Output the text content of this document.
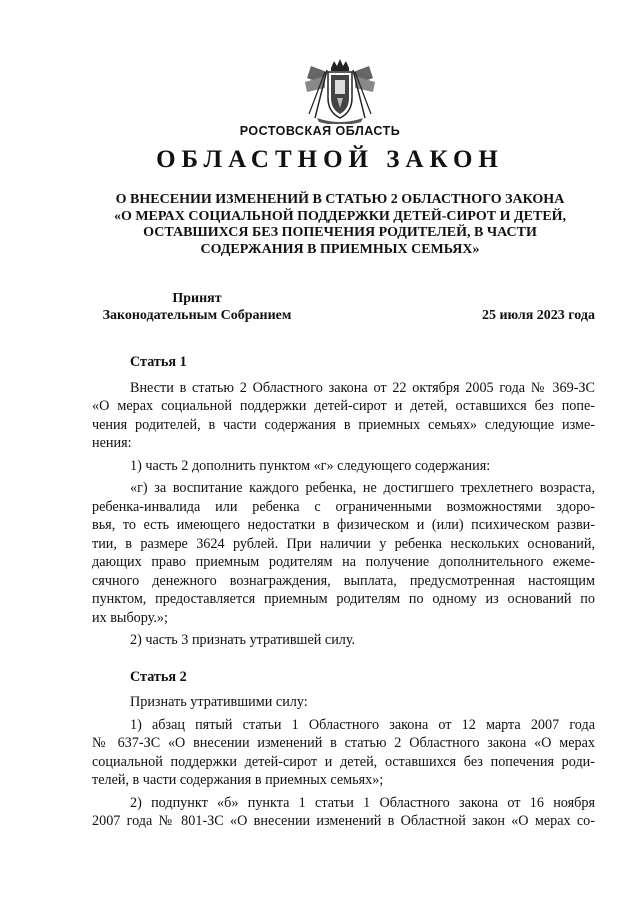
РОСТОВСКАЯ ОБЛАСТЬ
ОБЛАСТНОЙ ЗАКОН
О ВНЕСЕНИИ ИЗМЕНЕНИЙ В СТАТЬЮ 2 ОБЛАСТНОГО ЗАКОНА
«О МЕРАХ СОЦИАЛЬНОЙ ПОДДЕРЖКИ ДЕТЕЙ-СИРОТ И ДЕТЕЙ,
ОСТАВШИХСЯ БЕЗ ПОПЕЧЕНИЯ РОДИТЕЛЕЙ, В ЧАСТИ
СОДЕРЖАНИЯ В ПРИЕМНЫХ СЕМЬЯХ»
Принят
Законодательным Собранием	25 июля 2023 года
Статья 1
Внести в статью 2 Областного закона от 22 октября 2005 года № 369-ЗС
«О мерах социальной поддержки детей-сирот и детей, оставшихся без попе-
чения родителей, в части содержания в приемных семьях» следующие изме-
нения:
1) часть 2 дополнить пунктом «г» следующего содержания:
«г) за воспитание каждого ребенка, не достигшего трехлетнего возраста,
ребенка-инвалида или ребенка с ограниченными возможностями здоро-
вья, то есть имеющего недостатки в физическом и (или) психическом разви-
тии, в размере 3624 рублей. При наличии у ребенка нескольких оснований,
дающих право приемным родителям на получение дополнительного ежеме-
сячного денежного вознаграждения, выплата, предусмотренная настоящим
пунктом, предоставляется приемным родителям по одному из оснований по
их выбору.»;
2) часть 3 признать утратившей силу.
Статья 2
Признать утратившими силу:
1) абзац пятый статьи 1 Областного закона от 12 марта 2007 года
№ 637-ЗС «О внесении изменений в статью 2 Областного закона «О мерах
социальной поддержки детей-сирот и детей, оставшихся без попечения роди-
телей, в части содержания в приемных семьях»;
2) подпункт «б» пункта 1 статьи 1 Областного закона от 16 ноября
2007 года № 801-ЗС «О внесении изменений в Областной закон «О мерах со-
